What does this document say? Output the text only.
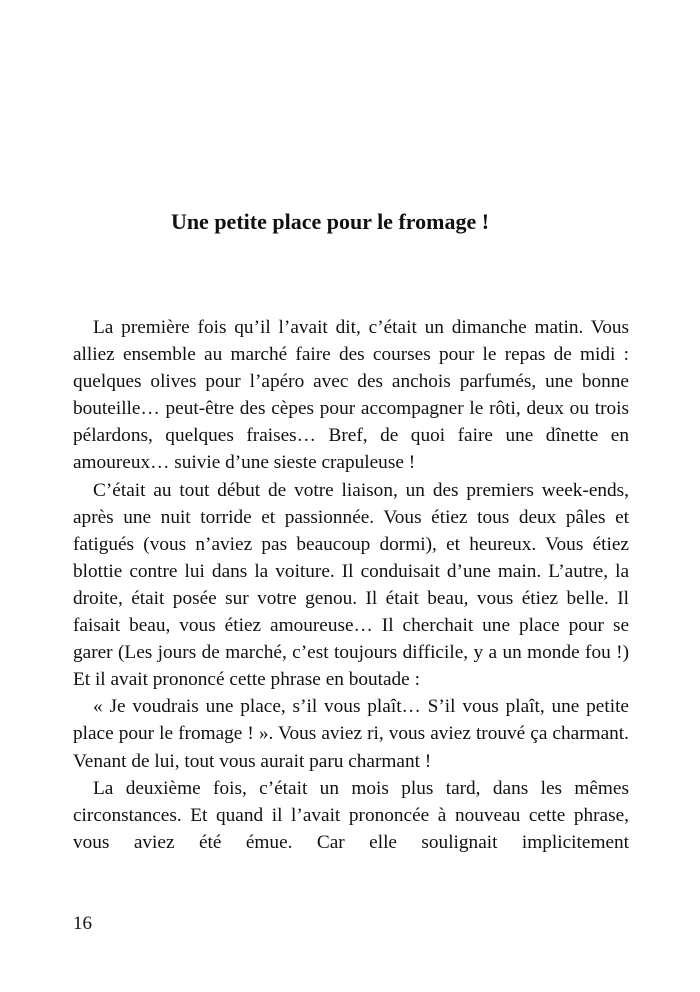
Une petite place pour le fromage !

La première fois qu’il l’avait dit, c’était un dimanche matin. Vous alliez ensemble au marché faire des courses pour le repas de midi : quelques olives pour l’apéro avec des anchois parfumés, une bonne bouteille… peut-être des cèpes pour accompagner le rôti, deux ou trois pélardons, quelques fraises… Bref, de quoi faire une dînette en amoureux… suivie d’une sieste crapuleuse !

C’était au tout début de votre liaison, un des premiers week-ends, après une nuit torride et passionnée. Vous étiez tous deux pâles et fatigués (vous n’aviez pas beaucoup dormi), et heureux. Vous étiez blottie contre lui dans la voiture. Il conduisait d’une main. L’autre, la droite, était posée sur votre genou. Il était beau, vous étiez belle. Il faisait beau, vous étiez amoureuse… Il cherchait une place pour se garer (Les jours de marché, c’est toujours difficile, y a un monde fou !) Et il avait prononcé cette phrase en boutade :

« Je voudrais une place, s’il vous plaît… S’il vous plaît, une petite place pour le fromage ! ». Vous aviez ri, vous aviez trouvé ça charmant. Venant de lui, tout vous aurait paru charmant !

La deuxième fois, c’était un mois plus tard, dans les mêmes circonstances. Et quand il l’avait prononcée à nouveau cette phrase, vous aviez été émue. Car elle soulignait implicitement

16
